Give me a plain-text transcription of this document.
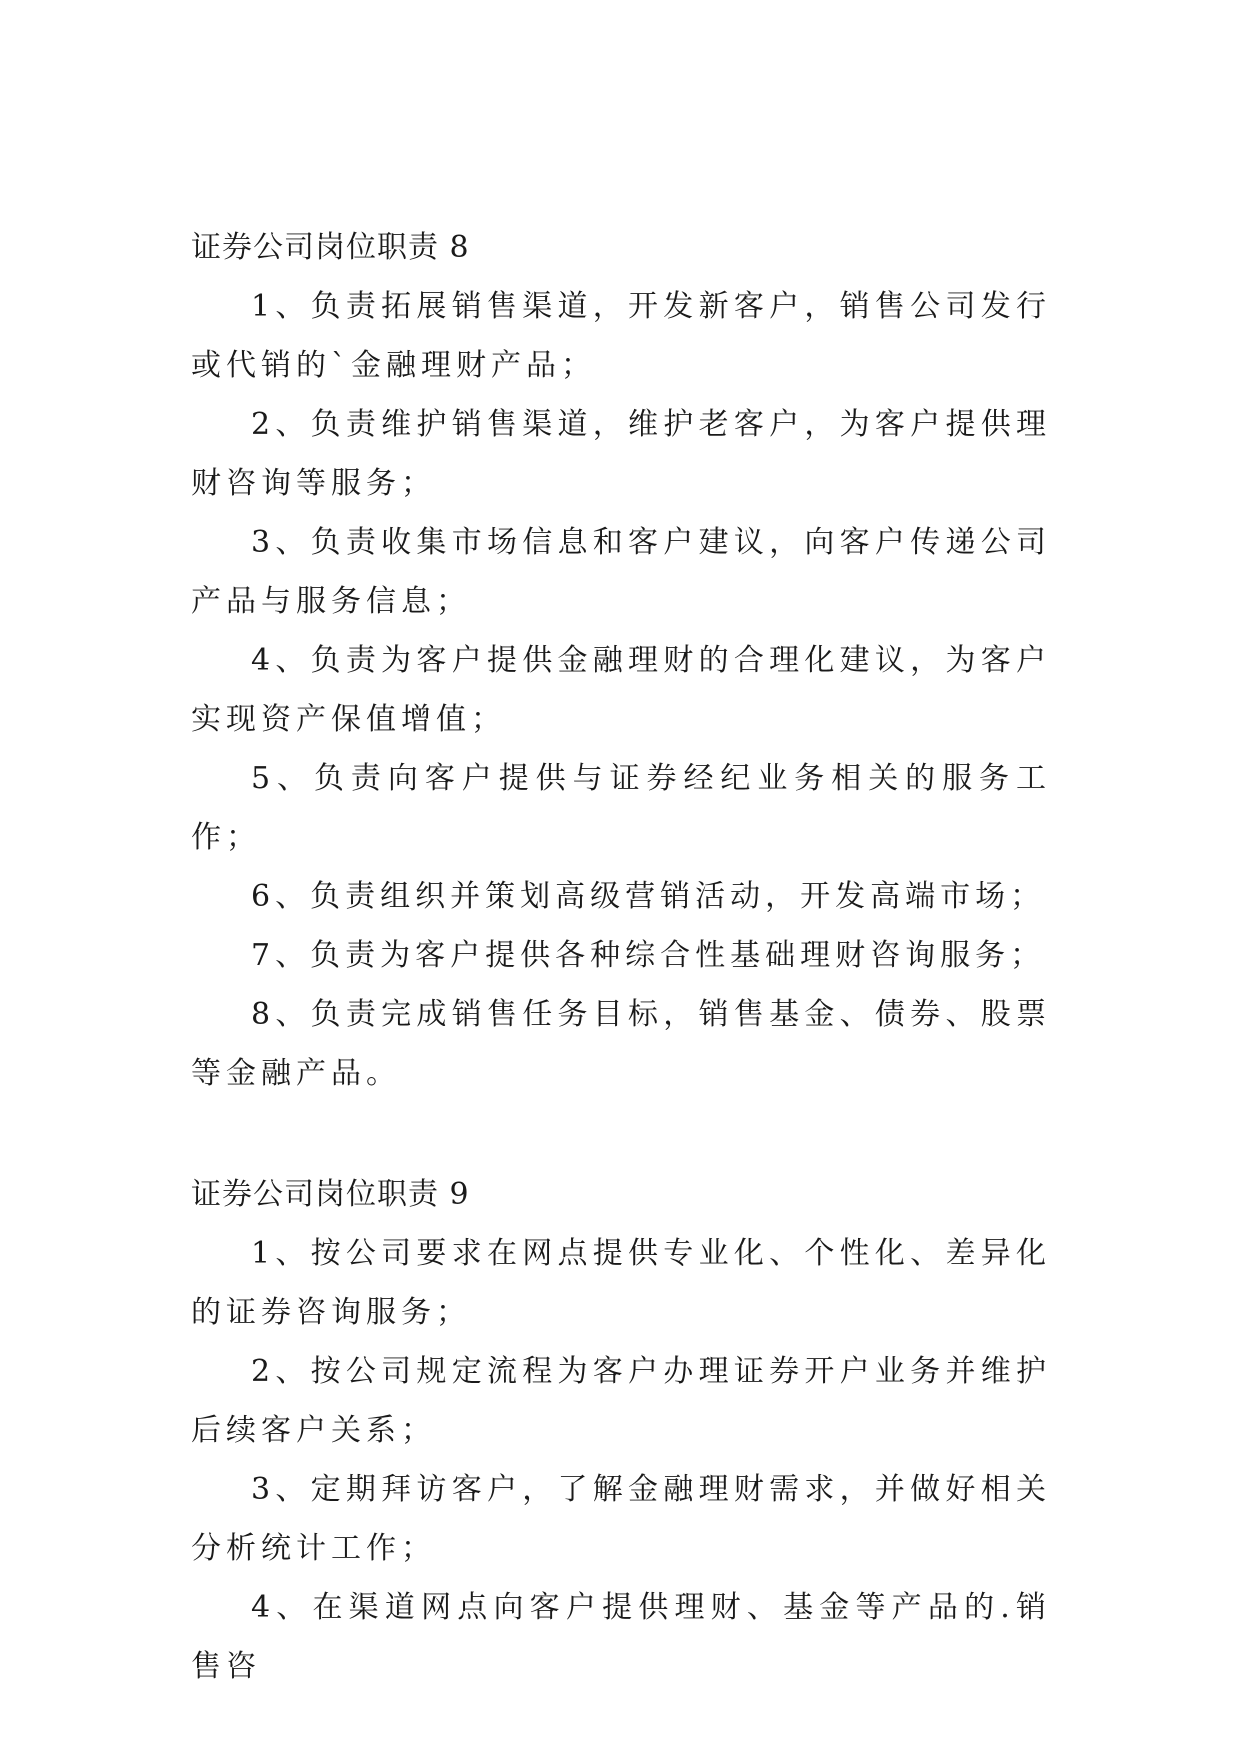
证券公司岗位职责 8

1、负责拓展销售渠道，开发新客户，销售公司发行或代销的`金融理财产品；

2、负责维护销售渠道，维护老客户，为客户提供理财咨询等服务；

3、负责收集市场信息和客户建议，向客户传递公司产品与服务信息；

4、负责为客户提供金融理财的合理化建议，为客户实现资产保值增值；

5、负责向客户提供与证券经纪业务相关的服务工作；

6、负责组织并策划高级营销活动，开发高端市场；

7、负责为客户提供各种综合性基础理财咨询服务；

8、负责完成销售任务目标，销售基金、债券、股票等金融产品。

证券公司岗位职责 9

1、按公司要求在网点提供专业化、个性化、差异化的证券咨询服务；

2、按公司规定流程为客户办理证券开户业务并维护后续客户关系；

3、定期拜访客户，了解金融理财需求，并做好相关分析统计工作；

4、在渠道网点向客户提供理财、基金等产品的.销售咨
